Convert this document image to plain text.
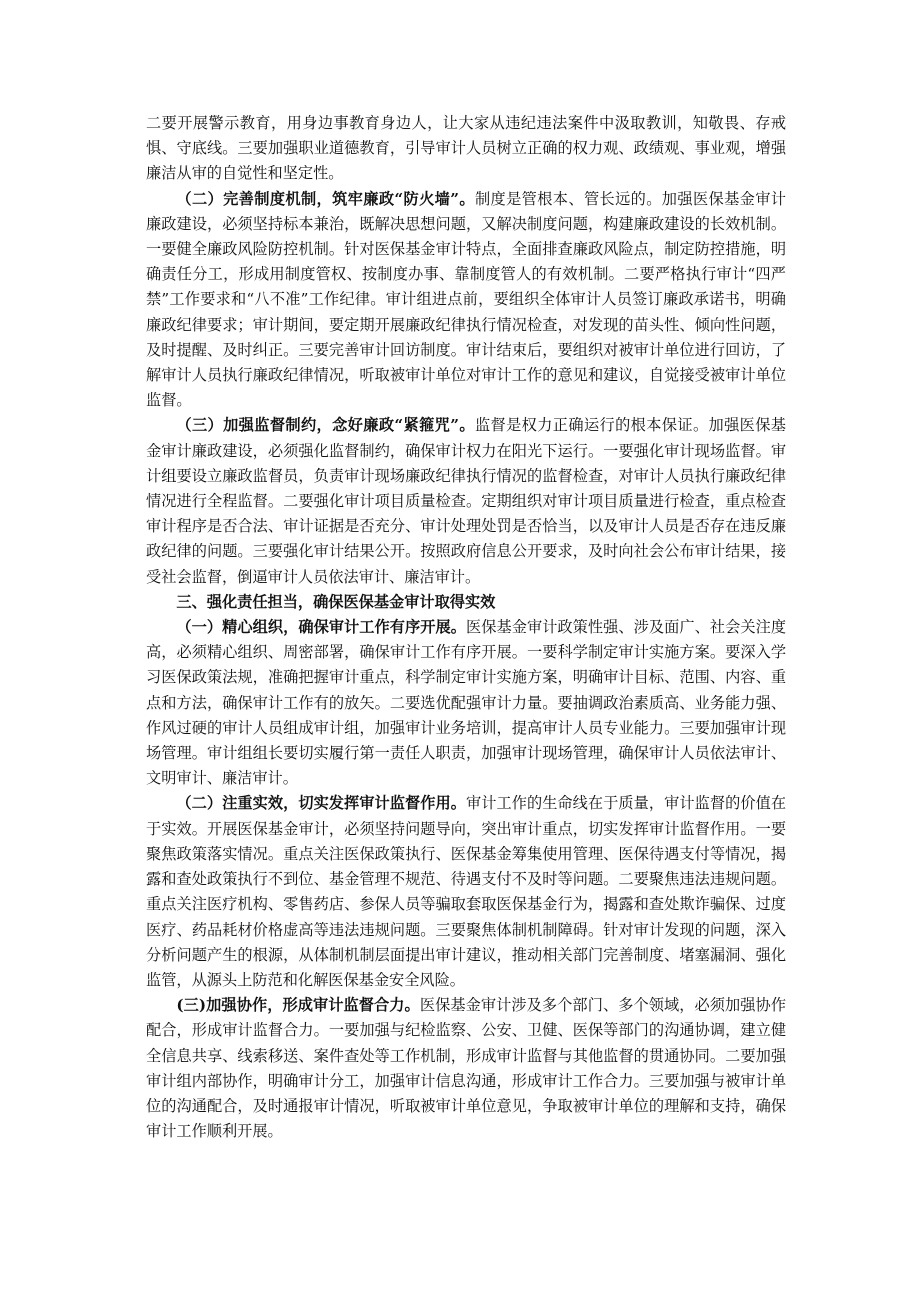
二要开展警示教育，用身边事教育身边人，让大家从违纪违法案件中汲取教训，知敬畏、存戒惧、守底线。三要加强职业道德教育，引导审计人员树立正确的权力观、政绩观、事业观，增强廉洁从审的自觉性和坚定性。

（二）完善制度机制，筑牢廉政“防火墙”。制度是管根本、管长远的。加强医保基金审计廉政建设，必须坚持标本兼治，既解决思想问题，又解决制度问题，构建廉政建设的长效机制。一要健全廉政风险防控机制。针对医保基金审计特点，全面排查廉政风险点，制定防控措施，明确责任分工，形成用制度管权、按制度办事、靠制度管人的有效机制。二要严格执行审计“四严禁”工作要求和“八不准”工作纪律。审计组进点前，要组织全体审计人员签订廉政承诺书，明确廉政纪律要求；审计期间，要定期开展廉政纪律执行情况检查，对发现的苗头性、倾向性问题，及时提醒、及时纠正。三要完善审计回访制度。审计结束后，要组织对被审计单位进行回访，了解审计人员执行廉政纪律情况，听取被审计单位对审计工作的意见和建议，自觉接受被审计单位监督。

（三）加强监督制约，念好廉政“紧箍咒”。监督是权力正确运行的根本保证。加强医保基金审计廉政建设，必须强化监督制约，确保审计权力在阳光下运行。一要强化审计现场监督。审计组要设立廉政监督员，负责审计现场廉政纪律执行情况的监督检查，对审计人员执行廉政纪律情况进行全程监督。二要强化审计项目质量检查。定期组织对审计项目质量进行检查，重点检查审计程序是否合法、审计证据是否充分、审计处理处罚是否恰当，以及审计人员是否存在违反廉政纪律的问题。三要强化审计结果公开。按照政府信息公开要求，及时向社会公布审计结果，接受社会监督，倒逼审计人员依法审计、廉洁审计。

三、强化责任担当，确保医保基金审计取得实效

（一）精心组织，确保审计工作有序开展。医保基金审计政策性强、涉及面广、社会关注度高，必须精心组织、周密部署，确保审计工作有序开展。一要科学制定审计实施方案。要深入学习医保政策法规，准确把握审计重点，科学制定审计实施方案，明确审计目标、范围、内容、重点和方法，确保审计工作有的放矢。二要选优配强审计力量。要抽调政治素质高、业务能力强、作风过硬的审计人员组成审计组，加强审计业务培训，提高审计人员专业能力。三要加强审计现场管理。审计组组长要切实履行第一责任人职责，加强审计现场管理，确保审计人员依法审计、文明审计、廉洁审计。

（二）注重实效，切实发挥审计监督作用。审计工作的生命线在于质量，审计监督的价值在于实效。开展医保基金审计，必须坚持问题导向，突出审计重点，切实发挥审计监督作用。一要聚焦政策落实情况。重点关注医保政策执行、医保基金筹集使用管理、医保待遇支付等情况，揭露和查处政策执行不到位、基金管理不规范、待遇支付不及时等问题。二要聚焦违法违规问题。重点关注医疗机构、零售药店、参保人员等骗取套取医保基金行为，揭露和查处欺诈骗保、过度医疗、药品耗材价格虚高等违法违规问题。三要聚焦体制机制障碍。针对审计发现的问题，深入分析问题产生的根源，从体制机制层面提出审计建议，推动相关部门完善制度、堵塞漏洞、强化监管，从源头上防范和化解医保基金安全风险。

(三)加强协作，形成审计监督合力。医保基金审计涉及多个部门、多个领域，必须加强协作配合，形成审计监督合力。一要加强与纪检监察、公安、卫健、医保等部门的沟通协调，建立健全信息共享、线索移送、案件查处等工作机制，形成审计监督与其他监督的贯通协同。二要加强审计组内部协作，明确审计分工，加强审计信息沟通，形成审计工作合力。三要加强与被审计单位的沟通配合，及时通报审计情况，听取被审计单位意见，争取被审计单位的理解和支持，确保审计工作顺利开展。
